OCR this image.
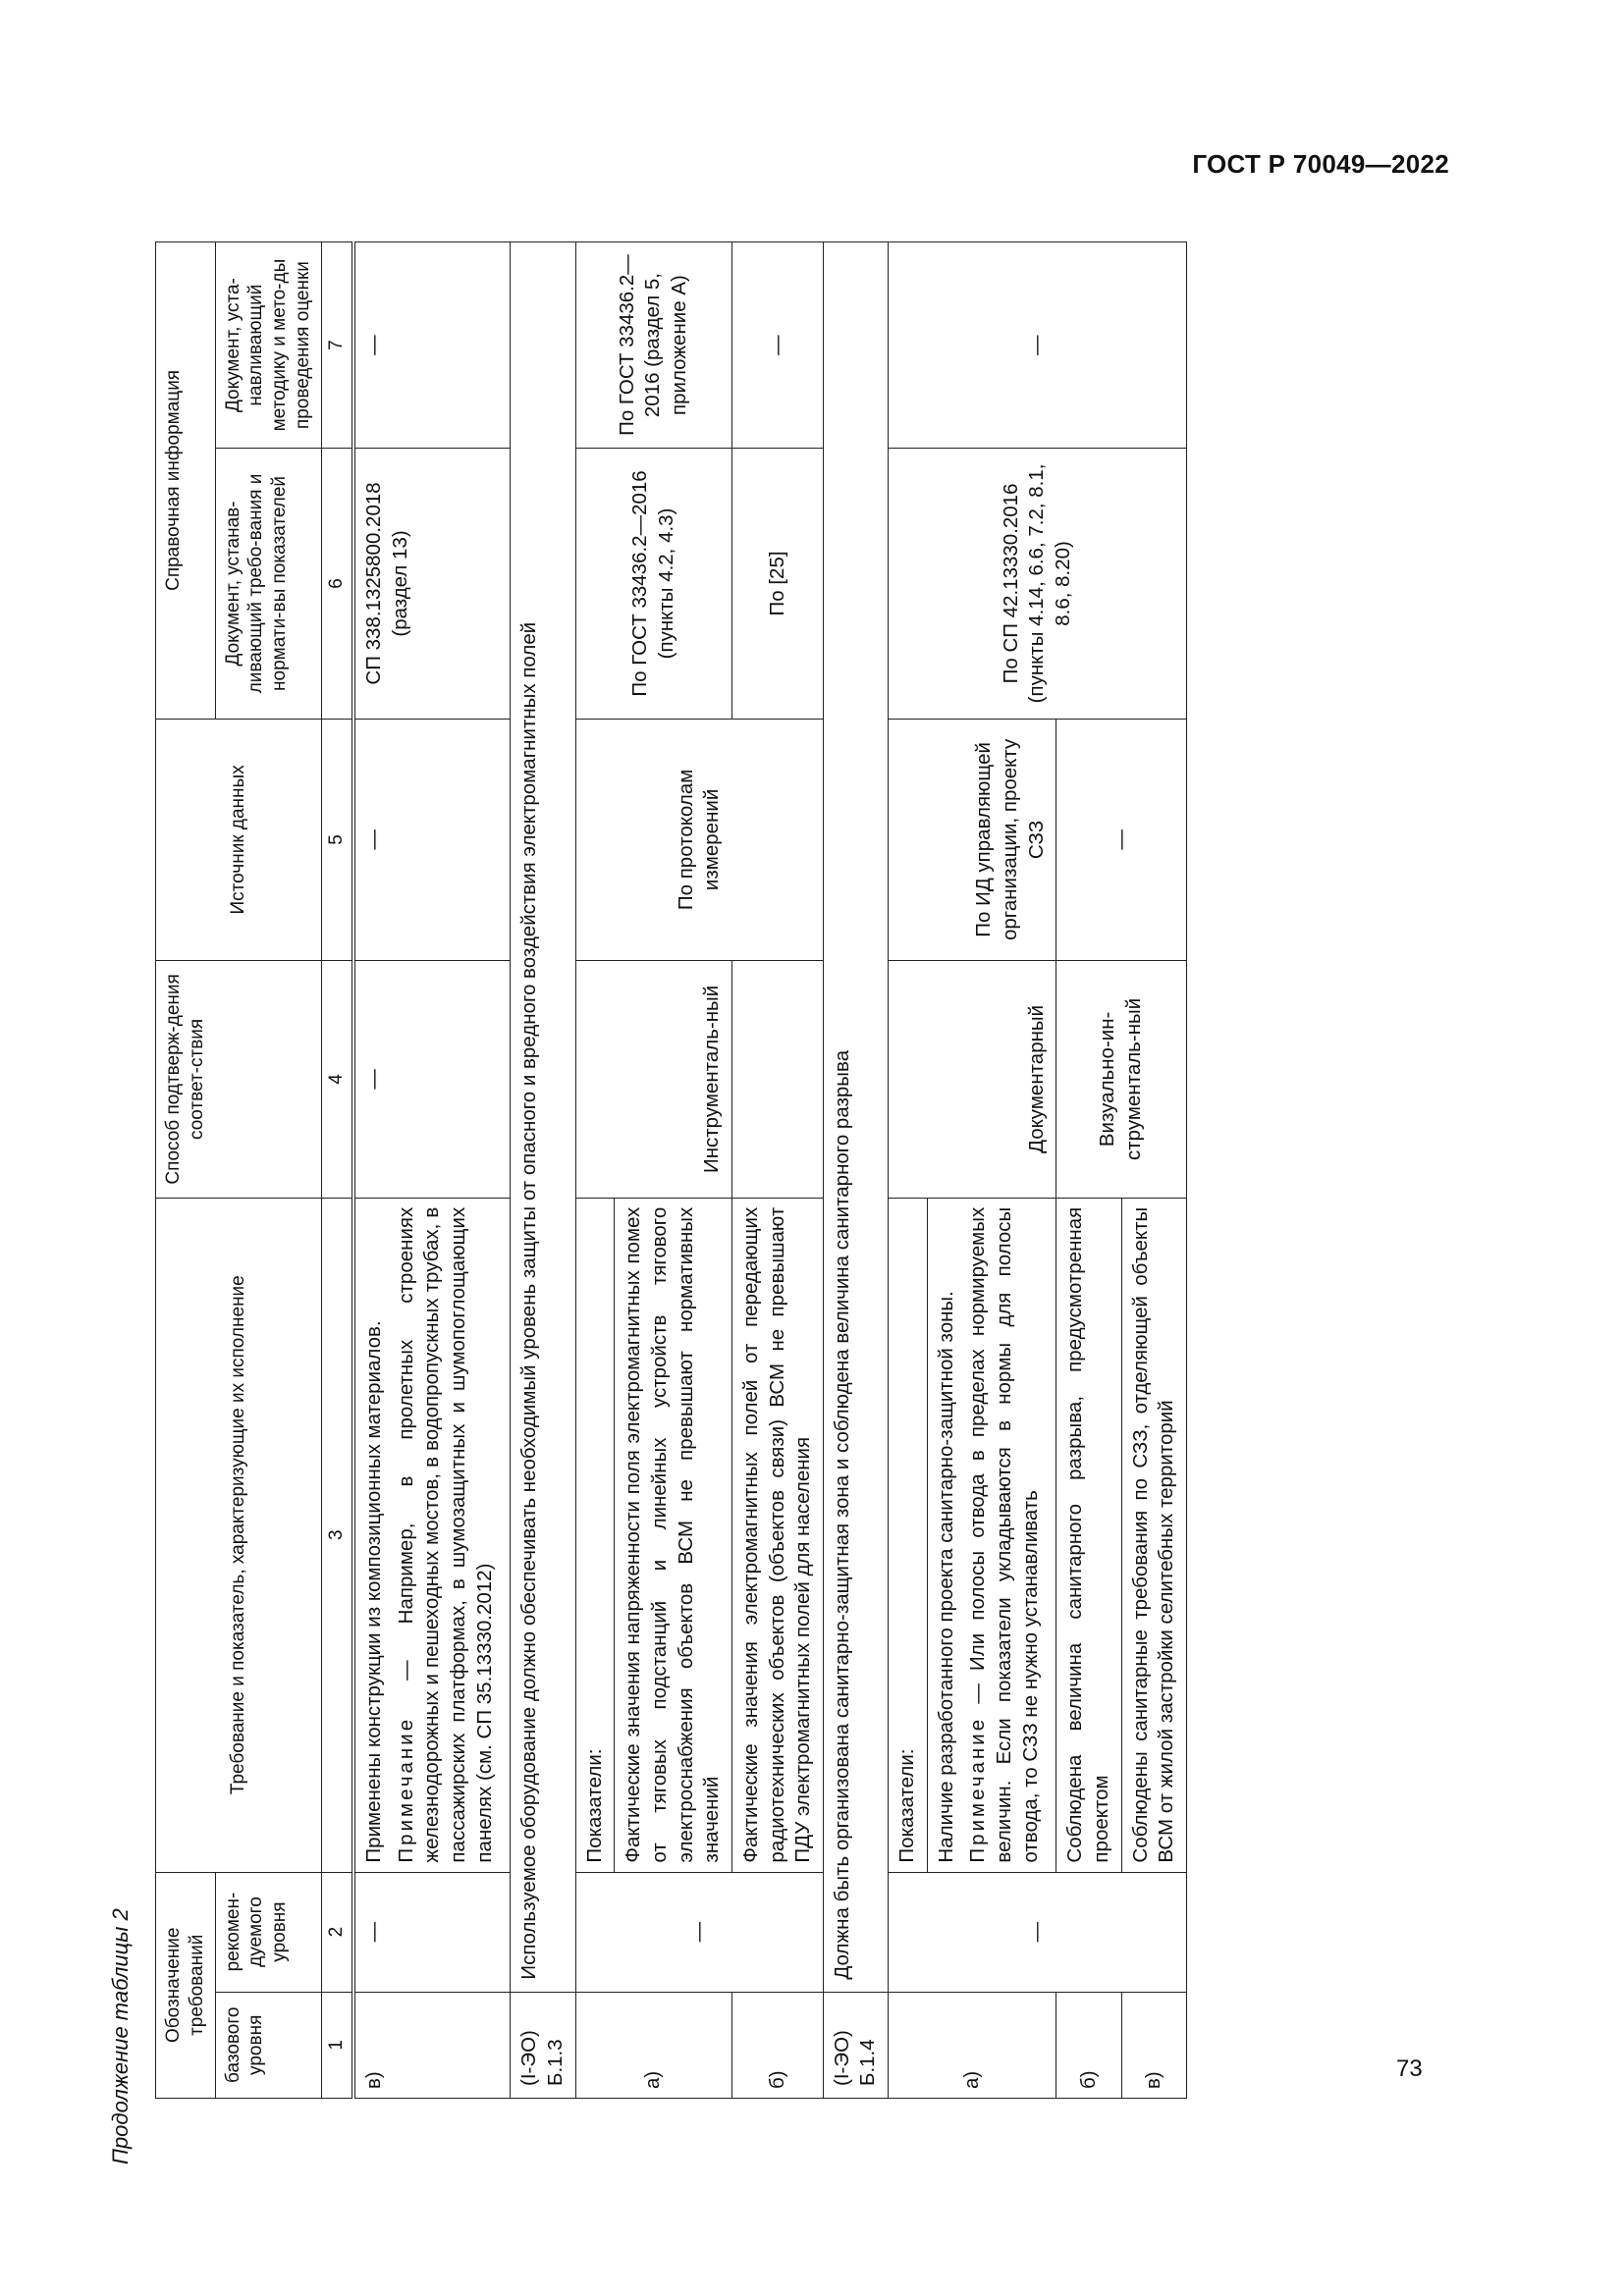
ГОСТ Р 70049—2022
73
Продолжение таблицы 2 Обозначение требований		Требование и показатель, характеризующие их исполнение	Способ подтверж-дения соответ-ствия	Источник данных	Справочная информация	
базового уровня	рекомен-дуемого уровня				Документ, устанав-ливающий требо-вания и нормати-вы показателей	Документ, уста-навливающий методику и мето-ды проведения оценки
1	2	3	4	5	6	7
в)	—	Применены конструкции из композиционных материалов. Примечание — Например, в пролетных строениях железнодорожных и пешеходных мостов, в водопропускных трубах, в пассажирских платформах, в шумозащитных и шумопоглощающих панелях (см. СП 35.13330.2012)	—	—	СП 338.1325800.2018 (раздел 13)	—
(I-ЭО) Б.1.3	Используемое оборудование должно обеспечивать необходимый уровень защиты от опасного и вредного воздействия электромагнитных полей					
а)	—	Показатели:	Инструменталь-ный	По протоколам измерений	По ГОСТ 33436.2—2016 (пункты 4.2, 4.3)	По ГОСТ 33436.2—2016 (раздел 5, приложение А)
		Фактические значения напряженности поля электромагнитных помех от тяговых подстанций и линейных устройств тягового электроснабжения объектов ВСМ не превышают нормативных значений				
б)		Фактические значения электромагнитных полей от передающих радиотехнических объектов (объектов связи) ВСМ не превышают ПДУ электромагнитных полей для населения			По [25]	—
(I-ЭО) Б.1.4	Должна быть организована санитарно-защитная зона и соблюдена величина санитарного разрыва					
а)	—	Показатели:	Документарный	По ИД управляющей организации, проекту СЗЗ	По СП 42.13330.2016 (пункты 4.14, 6.6, 7.2, 8.1, 8.6, 8.20)	—

		Наличие разработанного проекта санитарно-защитной зоны. Примечание — Или полосы отвода в пределах нормируемых величин. Если показатели укладываются в нормы для полосы отвода, то СЗЗ не нужно устанавливать				

б)		Соблюдена величина санитарного разрыва, предусмотренная проектом	Визуально-ин-струменталь-ный	—		
в)		Соблюдены санитарные требования по СЗЗ, отделяющей объекты ВСМ от жилой застройки селитебных территорий				
